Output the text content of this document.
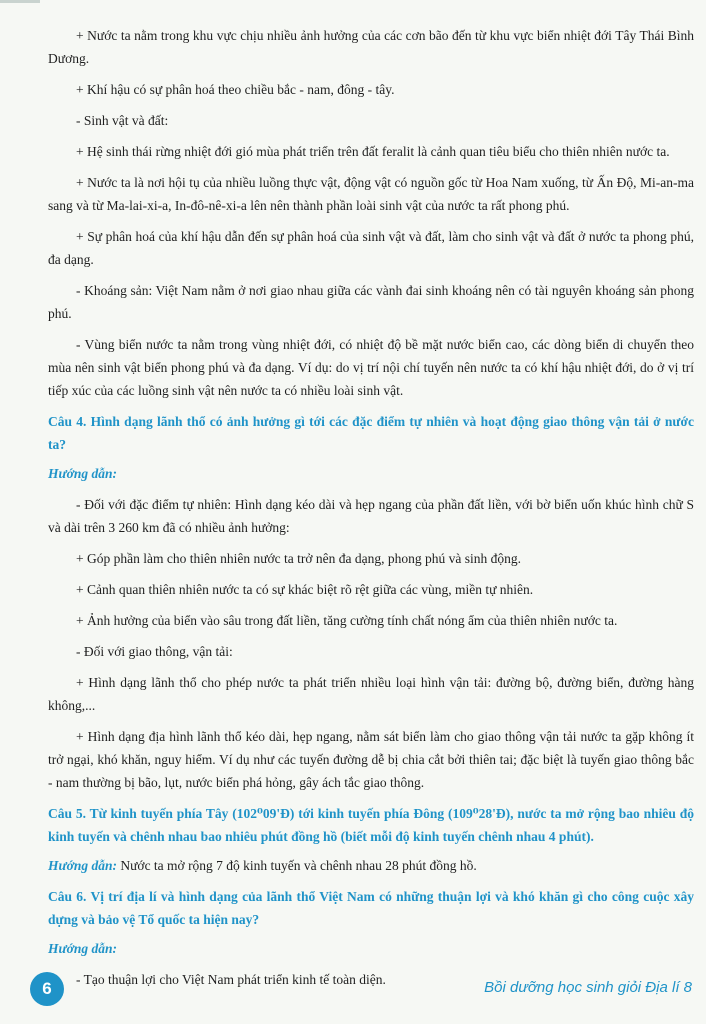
+ Nước ta nằm trong khu vực chịu nhiều ảnh hưởng của các cơn bão đến từ khu vực biển nhiệt đới Tây Thái Bình Dương.

+ Khí hậu có sự phân hoá theo chiều bắc - nam, đông - tây.

- Sinh vật và đất:

+ Hệ sinh thái rừng nhiệt đới gió mùa phát triển trên đất feralit là cảnh quan tiêu biểu cho thiên nhiên nước ta.

+ Nước ta là nơi hội tụ của nhiều luồng thực vật, động vật có nguồn gốc từ Hoa Nam xuống, từ Ấn Độ, Mi-an-ma sang và từ Ma-lai-xi-a, In-đô-nê-xi-a lên nên thành phần loài sinh vật của nước ta rất phong phú.

+ Sự phân hoá của khí hậu dẫn đến sự phân hoá của sinh vật và đất, làm cho sinh vật và đất ở nước ta phong phú, đa dạng.

- Khoáng sản: Việt Nam nằm ở nơi giao nhau giữa các vành đai sinh khoáng nên có tài nguyên khoáng sản phong phú.

- Vùng biển nước ta nằm trong vùng nhiệt đới, có nhiệt độ bề mặt nước biển cao, các dòng biển di chuyển theo mùa nên sinh vật biển phong phú và đa dạng. Ví dụ: do vị trí nội chí tuyến nên nước ta có khí hậu nhiệt đới, do ở vị trí tiếp xúc của các luồng sinh vật nên nước ta có nhiều loài sinh vật.

Câu 4. Hình dạng lãnh thổ có ảnh hưởng gì tới các đặc điểm tự nhiên và hoạt động giao thông vận tải ở nước ta?

Hướng dẫn:

- Đối với đặc điểm tự nhiên: Hình dạng kéo dài và hẹp ngang của phần đất liền, với bờ biển uốn khúc hình chữ S và dài trên 3 260 km đã có nhiều ảnh hưởng:

+ Góp phần làm cho thiên nhiên nước ta trở nên đa dạng, phong phú và sinh động.

+ Cảnh quan thiên nhiên nước ta có sự khác biệt rõ rệt giữa các vùng, miền tự nhiên.

+ Ảnh hưởng của biển vào sâu trong đất liền, tăng cường tính chất nóng ẩm của thiên nhiên nước ta.

- Đối với giao thông, vận tải:

+ Hình dạng lãnh thổ cho phép nước ta phát triển nhiều loại hình vận tải: đường bộ, đường biển, đường hàng không,...

+ Hình dạng địa hình lãnh thổ kéo dài, hẹp ngang, nằm sát biển làm cho giao thông vận tải nước ta gặp không ít trở ngại, khó khăn, nguy hiểm. Ví dụ như các tuyến đường dễ bị chia cắt bởi thiên tai; đặc biệt là tuyến giao thông bắc - nam thường bị bão, lụt, nước biển phá hỏng, gây ách tắc giao thông.

Câu 5. Từ kinh tuyến phía Tây (102⁰09'Đ) tới kinh tuyến phía Đông (109⁰28'Đ), nước ta mở rộng bao nhiêu độ kinh tuyến và chênh nhau bao nhiêu phút đồng hồ (biết mỗi độ kinh tuyến chênh nhau 4 phút).

Hướng dẫn: Nước ta mở rộng 7 độ kinh tuyến và chênh nhau 28 phút đồng hồ.

Câu 6. Vị trí địa lí và hình dạng của lãnh thổ Việt Nam có những thuận lợi và khó khăn gì cho công cuộc xây dựng và bảo vệ Tổ quốc ta hiện nay?

Hướng dẫn:

- Tạo thuận lợi cho Việt Nam phát triển kinh tế toàn diện.

6	Bồi dưỡng học sinh giỏi Địa lí 8
